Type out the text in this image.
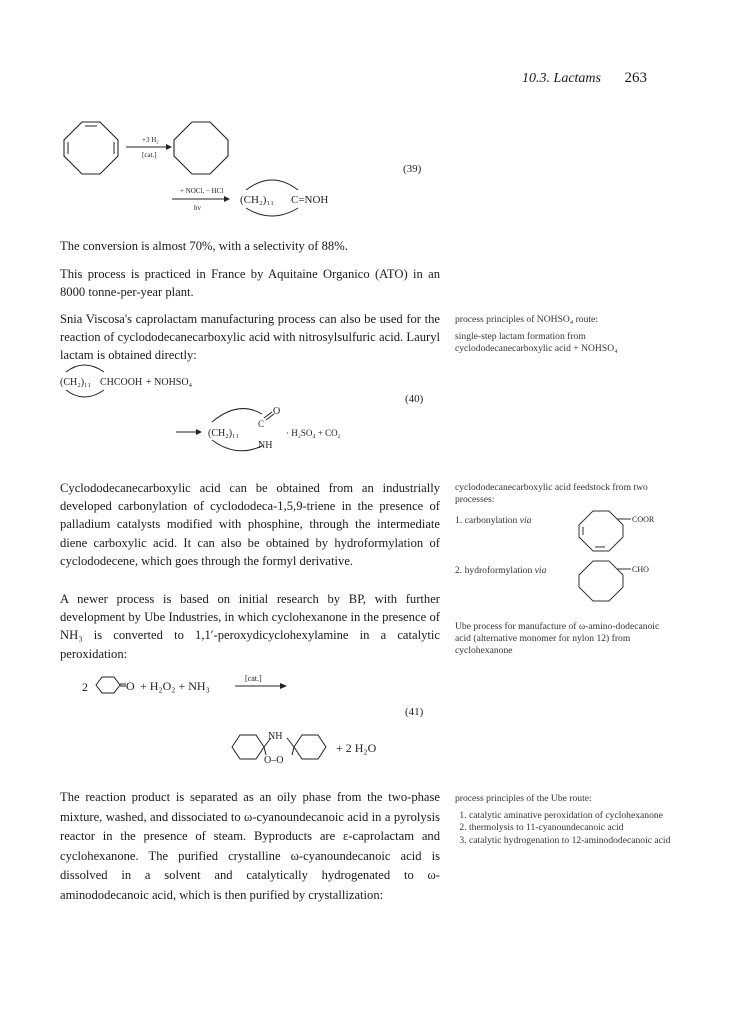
10.3. Lactams 263
+3 H₂
[cat.]
(39)
+ NOCl, − HCl
hv
(CH₂)₁₁ C=NOH
The conversion is almost 70%, with a selectivity of 88%.
This process is practiced in France by Aquitaine Organico (ATO) in an 8000 tonne-per-year plant.
Snia Viscosa's caprolactam manufacturing process can also be used for the reaction of cyclododecanecarboxylic acid with nitrosylsulfuric acid. Lauryl lactam is obtained directly:
process principles of NOHSO₄ route:
single-step lactam formation from cyclododecanecarboxylic acid + NOHSO₄
(CH₂)₁₁ CHCOOH + NOHSO₄
(40)
(CH₂)₁₁
C
O
NH
· H₂SO₄ + CO₂
Cyclododecanecarboxylic acid can be obtained from an industrially developed carbonylation of cyclododeca-1,5,9-triene in the presence of palladium catalysts modified with phosphine, through the intermediate diene carboxylic acid. It can also be obtained by hydroformylation of cyclododecene, which goes through the formyl derivative.
A newer process is based on initial research by BP, with further development by Ube Industries, in which cyclohexanone in the presence of NH₃ is converted to 1,1′-peroxydicyclohexylamine in a catalytic peroxidation:
cyclododecanecarboxylic acid feedstock from two processes:
1. carbonylation via	COOR
2. hydroformylation via	CHO
Ube process for manufacture of ω-amino-dodecanoic acid (alternative monomer for nylon 12) from cyclohexanone
2	O + H₂O₂ + NH₃
[cat.]
(41)
NH
O–O
+ 2 H₂O
The reaction product is separated as an oily phase from the two-phase mixture, washed, and dissociated to ω-cyanoundecanoic acid in a pyrolysis reactor in the presence of steam. Byproducts are ε-caprolactam and cyclohexanone. The purified crystalline ω-cyanoundecanoic acid is dissolved in a solvent and catalytically hydrogenated to ω-aminododecanoic acid, which is then purified by crystallization:
process principles of the Ube route:
1. catalytic aminative peroxidation of cyclohexanone
2. thermolysis to 11-cyanoundecanoic acid
3. catalytic hydrogenation to 12-aminododecanoic acid
